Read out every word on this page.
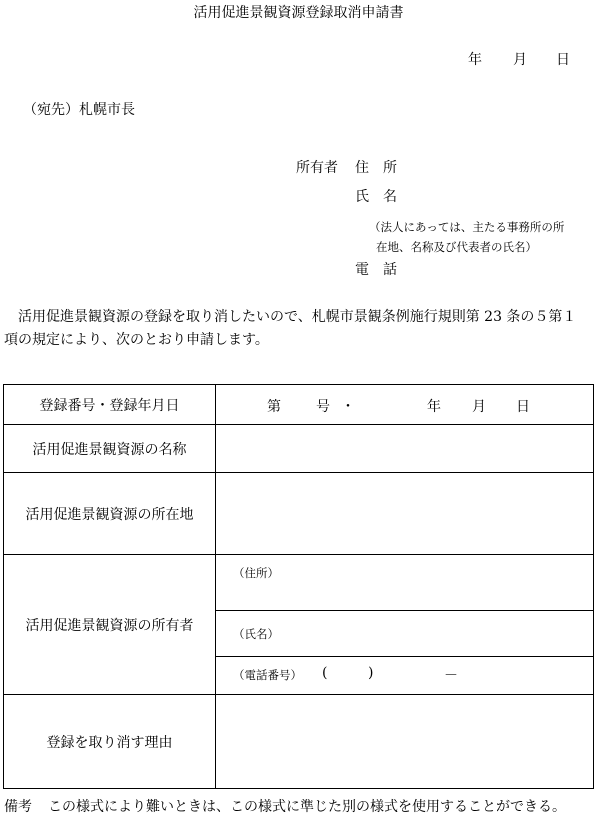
活用促進景観資源登録取消申請書
年 月 日
（宛先）札幌市長
所有者 住 所
氏 名
（法人にあっては、主たる事務所の所
在地、名称及び代表者の氏名）
電 話
活用促進景観資源の登録を取り消したいので、札幌市景観条例施行規則第 23 条の５第１
項の規定により、次のとおり申請します。
登録番号・登録年月日	第	号 ・	年 月 日
活用促進景観資源の名称
活用促進景観資源の所在地
活用促進景観資源の所有者
（住所）
（氏名）
（電話番号） (	)	－
登録を取り消す理由
備考 この様式により難いときは、この様式に準じた別の様式を使用することができる。
